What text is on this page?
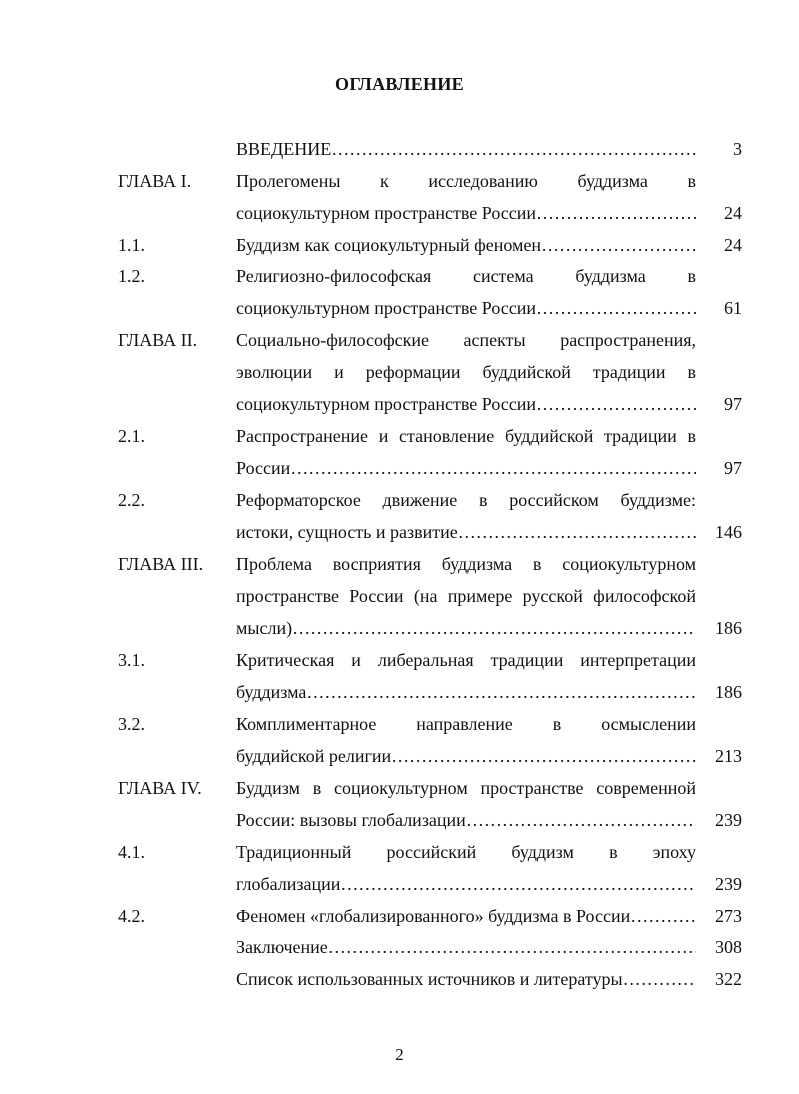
ОГЛАВЛЕНИЕ
ВВЕДЕНИЕ …………………………………………………………………………………………………………………………………………………	3
ГЛАВА I. Пролегомены к исследованию буддизма в
социокультурном пространстве России …………………………………………………………………………………………………………………………………………………	24
1.1.	Буддизм как социокультурный феномен …………………………………………………………………………………………………………………………………………………	24
1.2.	Религиозно-философская система буддизма в
социокультурном пространстве России …………………………………………………………………………………………………………………………………………………	61
ГЛАВА II. Социально-философские аспекты распространения,
эволюции и реформации буддийской традиции в
социокультурном пространстве России …………………………………………………………………………………………………………………………………………………	97
2.1.	Распространение и становление буддийской традиции в
России …………………………………………………………………………………………………………………………………………………	97
2.2.	Реформаторское движение в российском буддизме:
истоки, сущность и развитие …………………………………………………………………………………………………………………………………………………	146
ГЛАВА III. Проблема восприятия буддизма в социокультурном
пространстве России (на примере русской философской
мысли) …………………………………………………………………………………………………………………………………………………	186
3.1.	Критическая и либеральная традиции интерпретации
буддизма …………………………………………………………………………………………………………………………………………………	186
3.2.	Комплиментарное направление в осмыслении
буддийской религии …………………………………………………………………………………………………………………………………………………	213
ГЛАВА IV. Буддизм в социокультурном пространстве современной
России: вызовы глобализации …………………………………………………………………………………………………………………………………………………	239
4.1.	Традиционный российский буддизм в эпоху
глобализации …………………………………………………………………………………………………………………………………………………	239
4.2.	Феномен «глобализированного» буддизма в России …………………………………………………………………………………………………………………………………………………	273
Заключение …………………………………………………………………………………………………………………………………………………	308
Список использованных источников и литературы …………………………………………………………………………………………………………………………………………………	322
2
